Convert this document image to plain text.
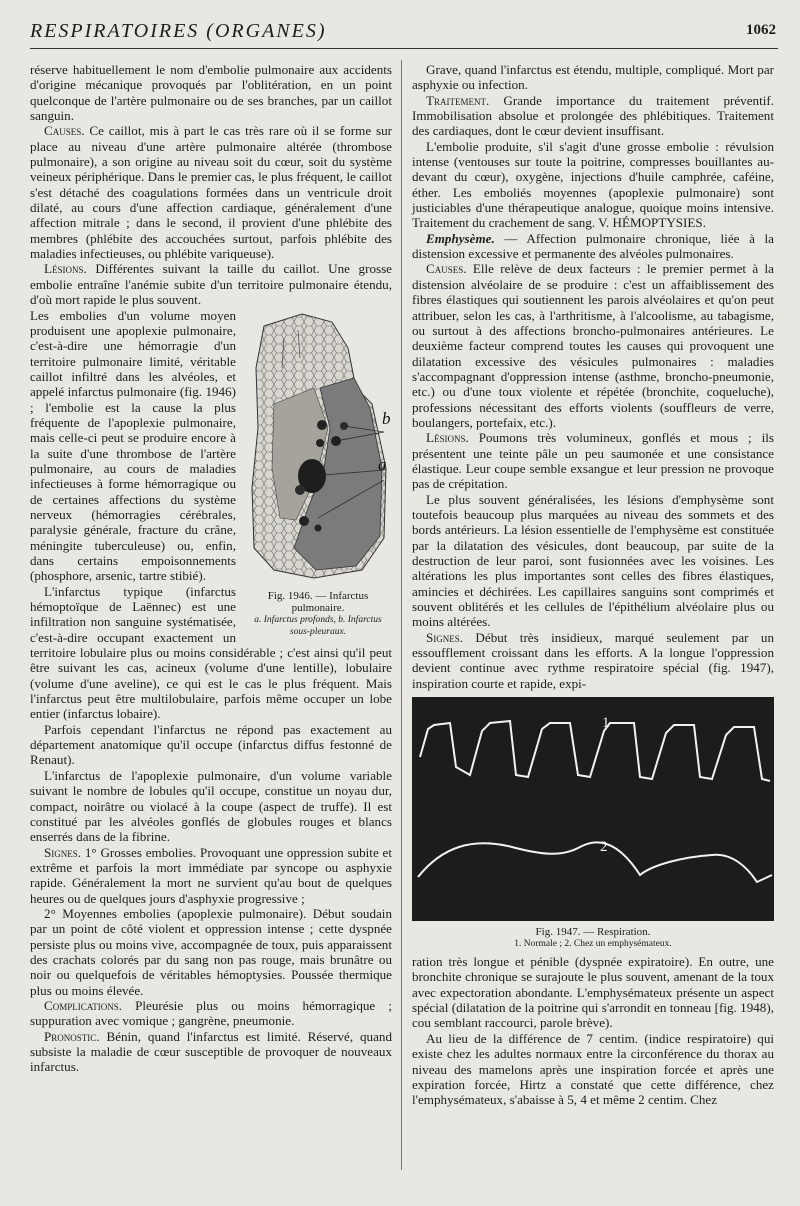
RESPIRATOIRES (ORGANES)	1062

réserve habituellement le nom d'embolie pulmonaire aux accidents d'origine mécanique provoqués par l'oblitération, en un point quelconque de l'artère pulmonaire ou de ses branches, par un caillot sanguin.

Causes. Ce caillot, mis à part le cas très rare où il se forme sur place au niveau d'une artère pulmonaire altérée (thrombose pulmonaire), a son origine au niveau soit du cœur, soit du système veineux périphérique. Dans le premier cas, le plus fréquent, le caillot s'est détaché des coagulations formées dans un ventricule droit dilaté, au cours d'une affection cardiaque, généralement d'une affection mitrale ; dans le second, il provient d'une phlébite des membres (phlébite des accouchées surtout, parfois phlébite des maladies infectieuses, ou phlébite variqueuse).

Lésions. Différentes suivant la taille du caillot. Une grosse embolie entraîne l'anémie subite d'un territoire pulmonaire étendu, d'où mort rapide le plus souvent.

b
a
Fig. 1946. — Infarctus pulmonaire.
a. Infarctus profonds, b. Infarctus sous-pleuraux.

Les embolies d'un volume moyen produisent une apoplexie pulmonaire, c'est-à-dire une hémorragie d'un territoire pulmonaire limité, véritable caillot infiltré dans les alvéoles, et appelé infarctus pulmonaire (fig. 1946) ; l'embolie est la cause la plus fréquente de l'apoplexie pulmonaire, mais celle-ci peut se produire encore à la suite d'une thrombose de l'artère pulmonaire, au cours de maladies infectieuses à forme hémorragique ou de certaines affections du système nerveux (hémorragies cérébrales, paralysie générale, fracture du crâne, méningite tuberculeuse) ou, enfin, dans certains empoisonnements (phosphore, arsenic, tartre stibié).

L'infarctus typique (infarctus hémoptoïque de Laënnec) est une infiltration non sanguine systématisée, c'est-à-dire occupant exactement un territoire lobulaire plus ou moins considérable ; c'est ainsi qu'il peut être suivant les cas, acineux (volume d'une lentille), lobulaire (volume d'une aveline), ce qui est le cas le plus fréquent. Mais l'infarctus peut être multilobulaire, parfois même occuper un lobe entier (infarctus lobaire).

Parfois cependant l'infarctus ne répond pas exactement au département anatomique qu'il occupe (infarctus diffus festonné de Renaut).

L'infarctus de l'apoplexie pulmonaire, d'un volume variable suivant le nombre de lobules qu'il occupe, constitue un noyau dur, compact, noirâtre ou violacé à la coupe (aspect de truffe). Il est constitué par les alvéoles gonflés de globules rouges et blancs enserrés dans de la fibrine.

Signes. 1° Grosses embolies. Provoquant une oppression subite et extrême et parfois la mort immédiate par syncope ou asphyxie rapide. Généralement la mort ne survient qu'au bout de quelques heures ou de quelques jours d'asphyxie progressive ;

2° Moyennes embolies (apoplexie pulmonaire). Début soudain par un point de côté violent et oppression intense ; cette dyspnée persiste plus ou moins vive, accompagnée de toux, puis apparaissent des crachats colorés par du sang non pas rouge, mais brunâtre ou noir ou quelquefois de véritables hémoptysies. Poussée thermique plus ou moins élevée.

Complications. Pleurésie plus ou moins hémorragique ; suppuration avec vomique ; gangrène, pneumonie.

Pronostic. Bénin, quand l'infarctus est limité. Réservé, quand subsiste la maladie de cœur susceptible de provoquer de nouveaux infarctus.

Grave, quand l'infarctus est étendu, multiple, compliqué. Mort par asphyxie ou infection.

Traitement. Grande importance du traitement préventif. Immobilisation absolue et prolongée des phlébitiques. Traitement des cardiaques, dont le cœur devient insuffisant.

L'embolie produite, s'il s'agit d'une grosse embolie : révulsion intense (ventouses sur toute la poitrine, compresses bouillantes au-devant du cœur), oxygène, injections d'huile camphrée, caféine, éther. Les emboliés moyennes (apoplexie pulmonaire) sont justiciables d'une thérapeutique analogue, quoique moins intensive. Traitement du crachement de sang. V. HÉMOPTYSIES.

Emphysème. — Affection pulmonaire chronique, liée à la distension excessive et permanente des alvéoles pulmonaires.

Causes. Elle relève de deux facteurs : le premier permet à la distension alvéolaire de se produire : c'est un affaiblissement des fibres élastiques qui soutiennent les parois alvéolaires et qu'on peut attribuer, selon les cas, à l'arthritisme, à l'alcoolisme, au tabagisme, ou surtout à des affections broncho-pulmonaires antérieures. Le deuxième facteur comprend toutes les causes qui provoquent une dilatation excessive des vésicules pulmonaires : maladies s'accompagnant d'oppression intense (asthme, broncho-pneumonie, etc.) ou d'une toux violente et répétée (bronchite, coqueluche), professions nécessitant des efforts violents (souffleurs de verre, boulangers, portefaix, etc.).

Lésions. Poumons très volumineux, gonflés et mous ; ils présentent une teinte pâle un peu saumonée et une consistance élastique. Leur coupe semble exsangue et leur pression ne provoque pas de crépitation.

Le plus souvent généralisées, les lésions d'emphysème sont toutefois beaucoup plus marquées au niveau des sommets et des bords antérieurs. La lésion essentielle de l'emphysème est constituée par la dilatation des vésicules, dont beaucoup, par suite de la destruction de leur paroi, sont fusionnées avec les voisines. Les altérations les plus importantes sont celles des fibres élastiques, amincies et déchirées. Les capillaires sanguins sont comprimés et souvent oblitérés et les cellules de l'épithélium alvéolaire plus ou moins altérées.

Signes. Début très insidieux, marqué seulement par un essoufflement croissant dans les efforts. A la longue l'oppression devient continue avec rythme respiratoire spécial (fig. 1947), inspiration courte et rapide, expi-

1
2
Fig. 1947. — Respiration.
1. Normale ; 2. Chez un emphysémateux.

ration très longue et pénible (dyspnée expiratoire). En outre, une bronchite chronique se surajoute le plus souvent, amenant de la toux avec expectoration abondante. L'emphysémateux présente un aspect spécial (dilatation de la poitrine qui s'arrondit en tonneau [fig. 1948), cou semblant raccourci, parole brève).

Au lieu de la différence de 7 centim. (indice respiratoire) qui existe chez les adultes normaux entre la circonférence du thorax au niveau des mamelons après une inspiration forcée et après une expiration forcée, Hirtz a constaté que cette différence, chez l'emphysémateux, s'abaisse à 5, 4 et même 2 centim. Chez
